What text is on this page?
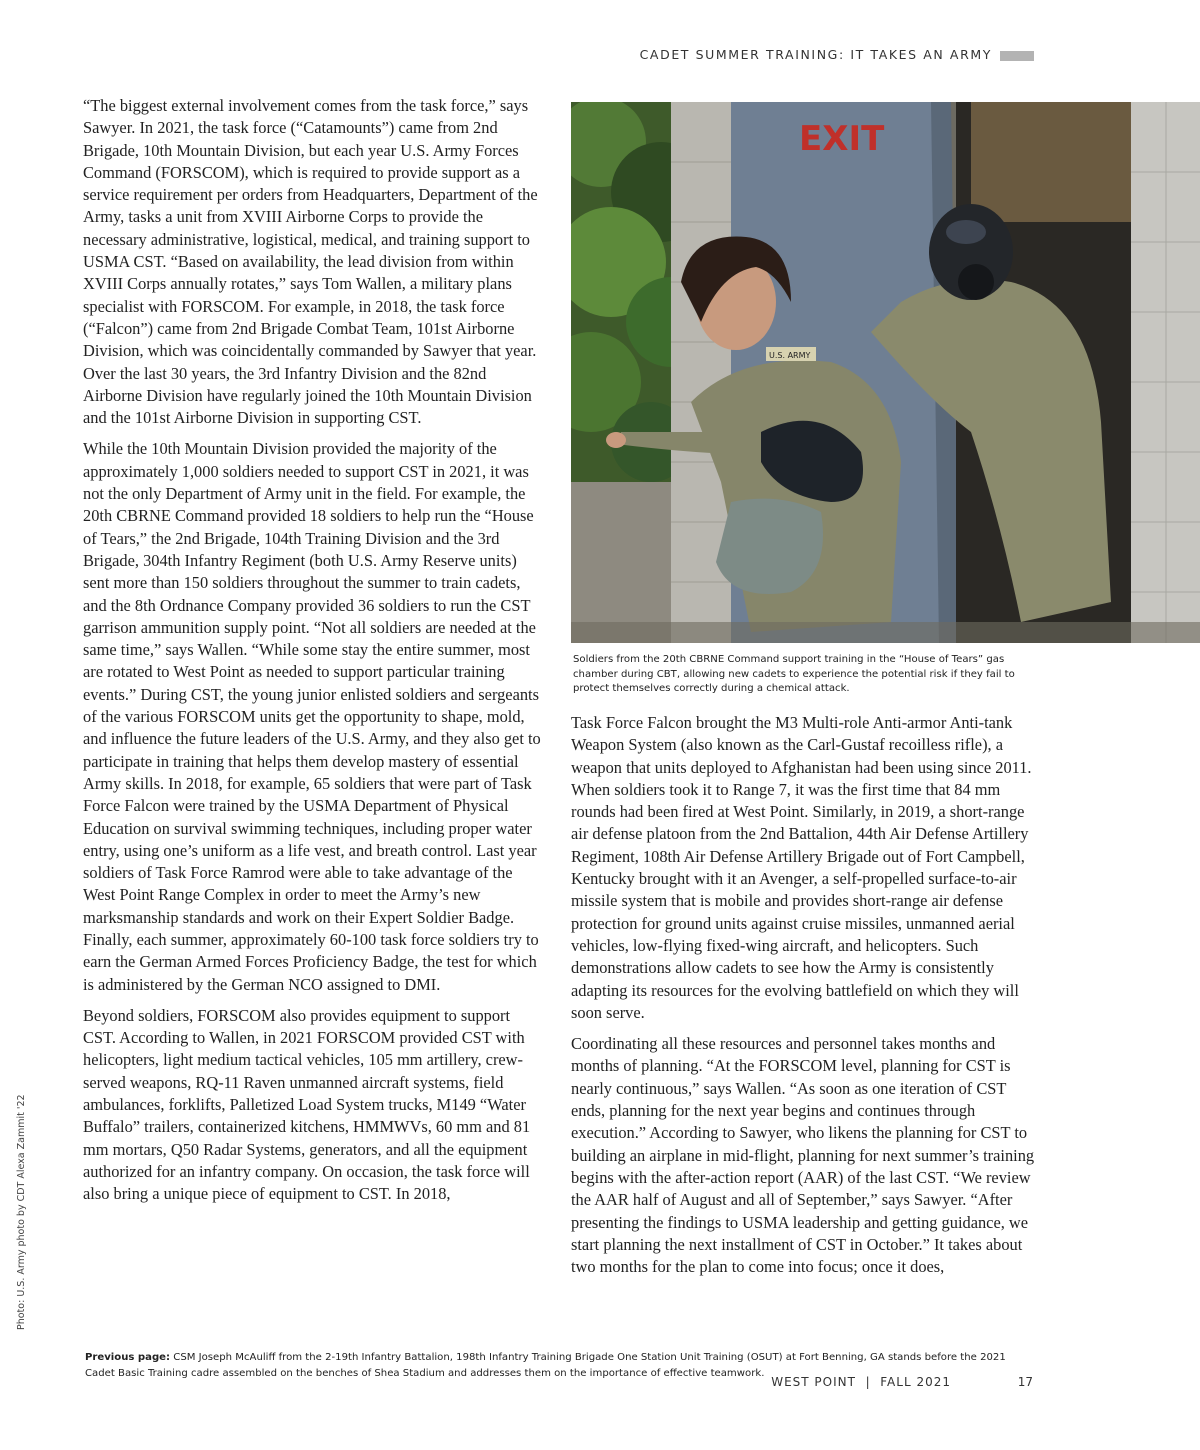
CADET SUMMER TRAINING: IT TAKES AN ARMY

“The biggest external involvement comes from the task force,” says Sawyer. In 2021, the task force (“Catamounts”) came from 2nd Brigade, 10th Mountain Division, but each year U.S. Army Forces Command (FORSCOM), which is required to provide support as a service requirement per orders from Headquarters, Department of the Army, tasks a unit from XVIII Airborne Corps to provide the necessary administrative, logistical, medical, and training support to USMA CST. “Based on availability, the lead division from within XVIII Corps annually rotates,” says Tom Wallen, a military plans specialist with FORSCOM. For example, in 2018, the task force (“Falcon”) came from 2nd Brigade Combat Team, 101st Airborne Division, which was coincidentally commanded by Sawyer that year. Over the last 30 years, the 3rd Infantry Division and the 82nd Airborne Division have regularly joined the 10th Mountain Division and the 101st Airborne Division in supporting CST.

While the 10th Mountain Division provided the majority of the approximately 1,000 soldiers needed to support CST in 2021, it was not the only Department of Army unit in the field. For example, the 20th CBRNE Command provided 18 soldiers to help run the “House of Tears,” the 2nd Brigade, 104th Training Division and the 3rd Brigade, 304th Infantry Regiment (both U.S. Army Reserve units) sent more than 150 soldiers throughout the summer to train cadets, and the 8th Ordnance Company provided 36 soldiers to run the CST garrison ammunition supply point. “Not all soldiers are needed at the same time,” says Wallen. “While some stay the entire summer, most are rotated to West Point as needed to support particular training events.” During CST, the young junior enlisted soldiers and sergeants of the various FORSCOM units get the opportunity to shape, mold, and influence the future leaders of the U.S. Army, and they also get to participate in training that helps them develop mastery of essential Army skills. In 2018, for example, 65 soldiers that were part of Task Force Falcon were trained by the USMA Department of Physical Education on survival swimming techniques, including proper water entry, using one’s uniform as a life vest, and breath control. Last year soldiers of Task Force Ramrod were able to take advantage of the West Point Range Complex in order to meet the Army’s new marksmanship standards and work on their Expert Soldier Badge. Finally, each summer, approximately 60-100 task force soldiers try to earn the German Armed Forces Proficiency Badge, the test for which is administered by the German NCO assigned to DMI.

Beyond soldiers, FORSCOM also provides equipment to support CST. According to Wallen, in 2021 FORSCOM provided CST with helicopters, light medium tactical vehicles, 105 mm artillery, crew-served weapons, RQ-11 Raven unmanned aircraft systems, field ambulances, forklifts, Palletized Load System trucks, M149 “Water Buffalo” trailers, containerized kitchens, HMMWVs, 60 mm and 81 mm mortars, Q50 Radar Systems, generators, and all the equipment authorized for an infantry company. On occasion, the task force will also bring a unique piece of equipment to CST. In 2018,

EXIT
U.S. ARMY
Soldiers from the 20th CBRNE Command support training in the “House of Tears” gas chamber during CBT, allowing new cadets to experience the potential risk if they fail to protect themselves correctly during a chemical attack.

Task Force Falcon brought the M3 Multi-role Anti-armor Anti-tank Weapon System (also known as the Carl-Gustaf recoilless rifle), a weapon that units deployed to Afghanistan had been using since 2011. When soldiers took it to Range 7, it was the first time that 84 mm rounds had been fired at West Point. Similarly, in 2019, a short-range air defense platoon from the 2nd Battalion, 44th Air Defense Artillery Regiment, 108th Air Defense Artillery Brigade out of Fort Campbell, Kentucky brought with it an Avenger, a self-propelled surface-to-air missile system that is mobile and provides short-range air defense protection for ground units against cruise missiles, unmanned aerial vehicles, low-flying fixed-wing aircraft, and helicopters. Such demonstrations allow cadets to see how the Army is consistently adapting its resources for the evolving battlefield on which they will soon serve.

Coordinating all these resources and personnel takes months and months of planning. “At the FORSCOM level, planning for CST is nearly continuous,” says Wallen. “As soon as one iteration of CST ends, planning for the next year begins and continues through execution.” According to Sawyer, who likens the planning for CST to building an airplane in mid-flight, planning for next summer’s training begins with the after-action report (AAR) of the last CST. “We review the AAR half of August and all of September,” says Sawyer. “After presenting the findings to USMA leadership and getting guidance, we start planning the next installment of CST in October.” It takes about two months for the plan to come into focus; once it does,

Photo: U.S. Army photo by CDT Alexa Zammit '22
Previous page: CSM Joseph McAuliff from the 2-19th Infantry Battalion, 198th Infantry Training Brigade One Station Unit Training (OSUT) at Fort Benning, GA stands before the 2021 Cadet Basic Training cadre assembled on the benches of Shea Stadium and addresses them on the importance of effective teamwork.
WEST POINT  |  FALL 2021	17
